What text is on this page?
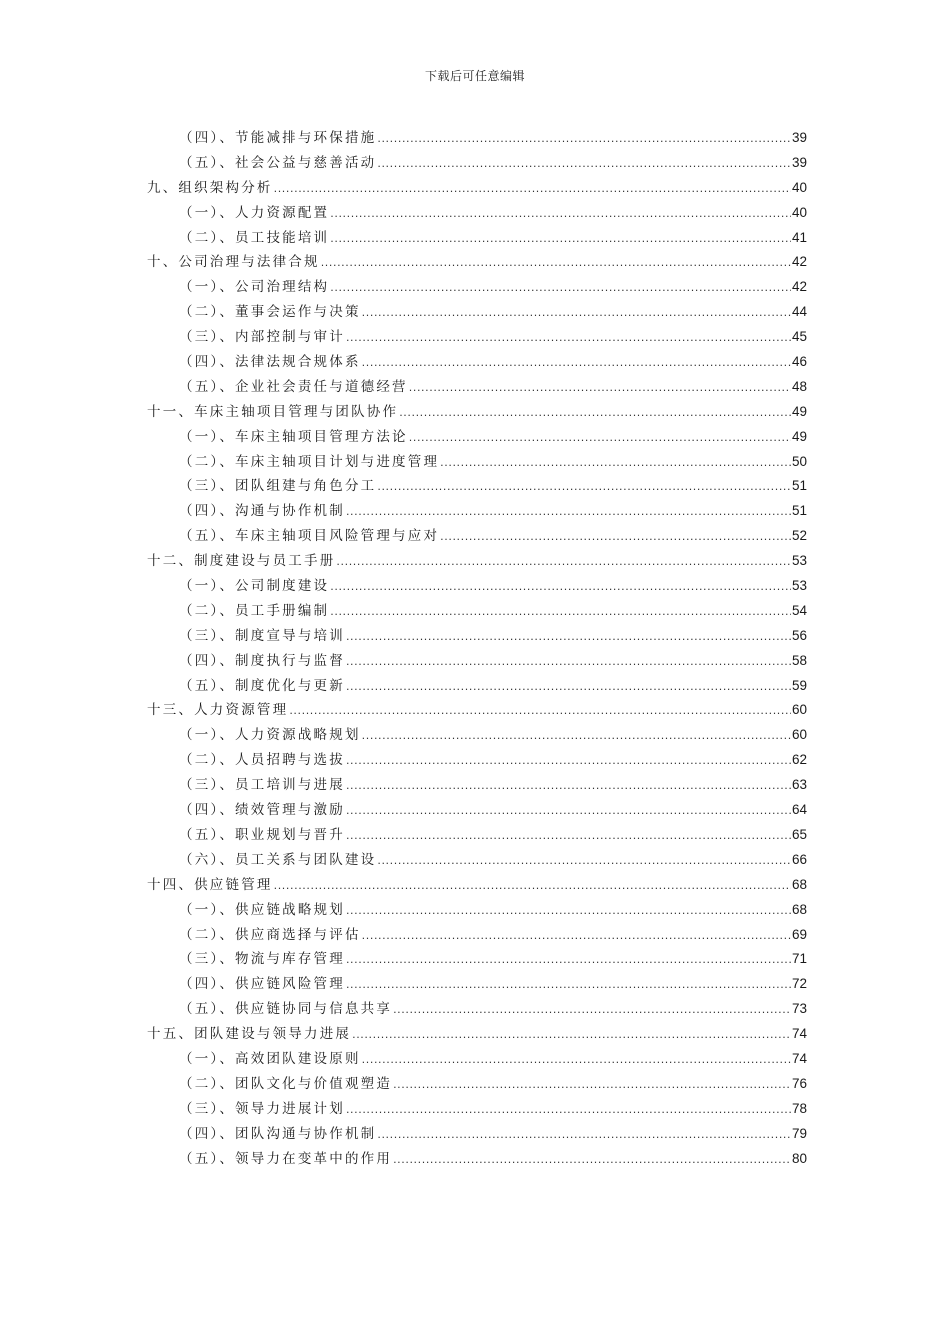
下载后可任意编辑
（四）、节能减排与环保措施 .....	39
（五）、社会公益与慈善活动 .....	39
九、组织架构分析 .....	40
（一）、人力资源配置 .....	40
（二）、员工技能培训 .....	41
十、公司治理与法律合规 .....	42
（一）、公司治理结构 .....	42
（二）、董事会运作与决策 .....	44
（三）、内部控制与审计 .....	45
（四）、法律法规合规体系 .....	46
（五）、企业社会责任与道德经营 .....	48
十一、车床主轴项目管理与团队协作 .....	49
（一）、车床主轴项目管理方法论 .....	49
（二）、车床主轴项目计划与进度管理 .....	50
（三）、团队组建与角色分工 .....	51
（四）、沟通与协作机制 .....	51
（五）、车床主轴项目风险管理与应对 .....	52
十二、制度建设与员工手册 .....	53
（一）、公司制度建设 .....	53
（二）、员工手册编制 .....	54
（三）、制度宣导与培训 .....	56
（四）、制度执行与监督 .....	58
（五）、制度优化与更新 .....	59
十三、人力资源管理 .....	60
（一）、人力资源战略规划 .....	60
（二）、人员招聘与选拔 .....	62
（三）、员工培训与进展 .....	63
（四）、绩效管理与激励 .....	64
（五）、职业规划与晋升 .....	65
（六）、员工关系与团队建设 .....	66
十四、供应链管理 .....	68
（一）、供应链战略规划 .....	68
（二）、供应商选择与评估 .....	69
（三）、物流与库存管理 .....	71
（四）、供应链风险管理 .....	72
（五）、供应链协同与信息共享 .....	73
十五、团队建设与领导力进展 .....	74
（一）、高效团队建设原则 .....	74
（二）、团队文化与价值观塑造 .....	76
（三）、领导力进展计划 .....	78
（四）、团队沟通与协作机制 .....	79
（五）、领导力在变革中的作用 .....	80
